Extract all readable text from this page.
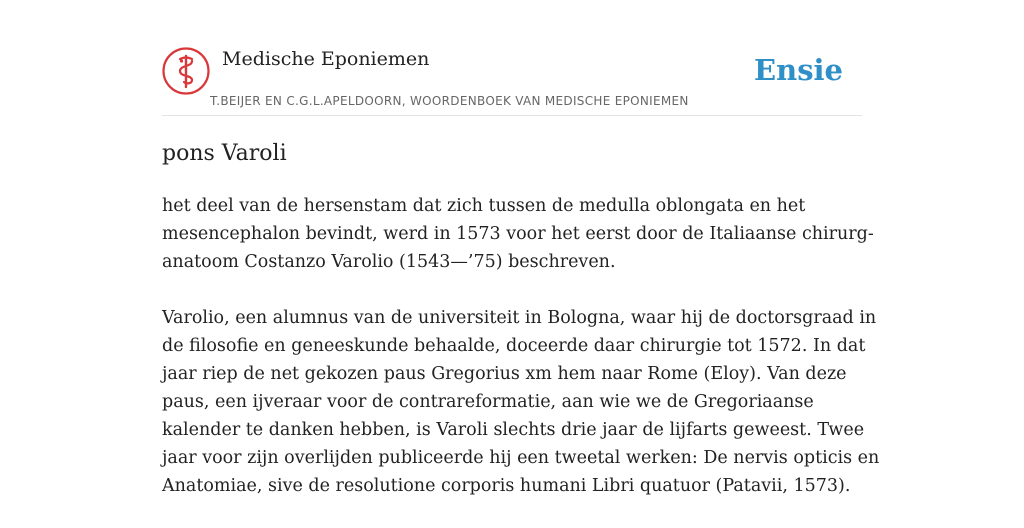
Medische Eponiemen
T.BEIJER EN C.G.L.APELDOORN, WOORDENBOEK VAN MEDISCHE EPONIEMEN
Ensie
pons Varoli

het deel van de hersenstam dat zich tussen de medulla oblongata en het
mesencephalon bevindt, werd in 1573 voor het eerst door de Italiaanse chirurg-
anatoom Costanzo Varolio (1543—’75) beschreven.

Varolio, een alumnus van de universiteit in Bologna, waar hij de doctorsgraad in
de filosofie en geneeskunde behaalde, doceerde daar chirurgie tot 1572. In dat
jaar riep de net gekozen paus Gregorius xm hem naar Rome (Eloy). Van deze
paus, een ijveraar voor de contrareformatie, aan wie we de Gregoriaanse
kalender te danken hebben, is Varoli slechts drie jaar de lijfarts geweest. Twee
jaar voor zijn overlijden publiceerde hij een tweetal werken: De nervis opticis en
Anatomiae, sive de resolutione corporis humani Libri quatuor (Patavii, 1573).
